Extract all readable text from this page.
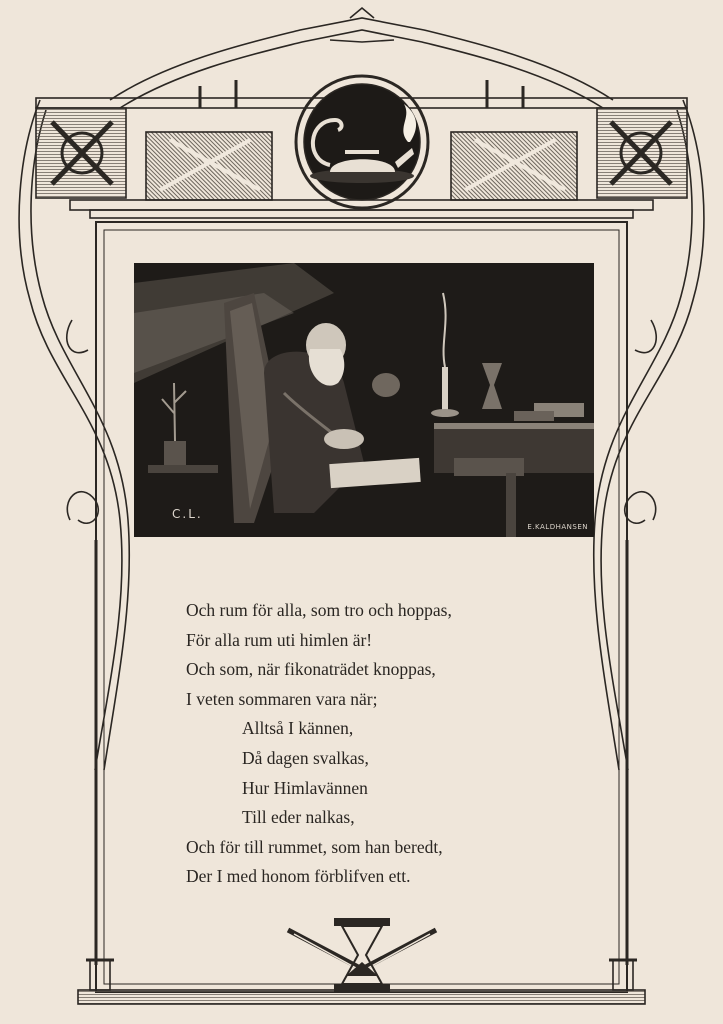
C.L.
E.KALDHANSEN
Och rum för alla, som tro och hoppas,
För alla rum uti himlen är!
Och som, när fikonaträdet knoppas,
I veten sommaren vara när;
Alltså I kännen,
Då dagen svalkas,
Hur Himlavännen
Till eder nalkas,
Och för till rummet, som han beredt,
Der I med honom förblifven ett.
